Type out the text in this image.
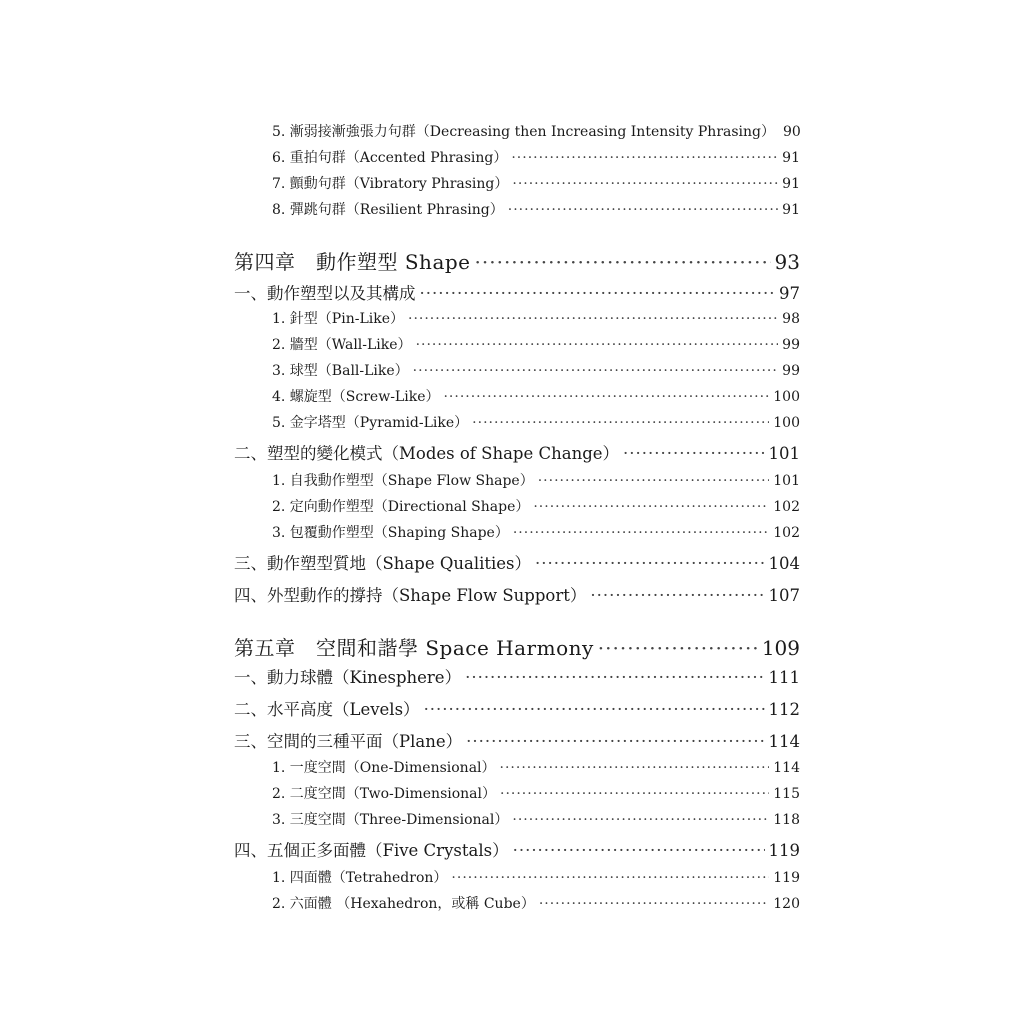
5. 漸弱接漸強張力句群（Decreasing then Increasing Intensity Phrasing） 90
6. 重拍句群（Accented Phrasing） ·····	91
7. 顫動句群（Vibratory Phrasing） ·····	91
8. 彈跳句群（Resilient Phrasing） ·····	91
第四章　動作塑型 Shape ·····	93
一、動作塑型以及其構成 ·····	97
1. 針型（Pin-Like） ·····	98
2. 牆型（Wall-Like） ·····	99
3. 球型（Ball-Like） ·····	99
4. 螺旋型（Screw-Like） ·····	100
5. 金字塔型（Pyramid-Like） ·····	100
二、塑型的變化模式（Modes of Shape Change） ·····	101
1. 自我動作塑型（Shape Flow Shape） ·····	101
2. 定向動作塑型（Directional Shape） ·····	102
3. 包覆動作塑型（Shaping Shape） ·····	102
三、動作塑型質地（Shape Qualities） ·····	104
四、外型動作的撐持（Shape Flow Support） ·····	107
第五章　空間和諧學 Space Harmony ·····	109
一、動力球體（Kinesphere） ·····	111
二、水平高度（Levels） ·····	112
三、空間的三種平面（Plane） ·····	114
1. 一度空間（One-Dimensional） ·····	114
2. 二度空間（Two-Dimensional） ·····	115
3. 三度空間（Three-Dimensional） ·····	118
四、五個正多面體（Five Crystals） ·····	119
1. 四面體（Tetrahedron） ·····	119
2. 六面體 （Hexahedron，或稱 Cube） ·····	120
